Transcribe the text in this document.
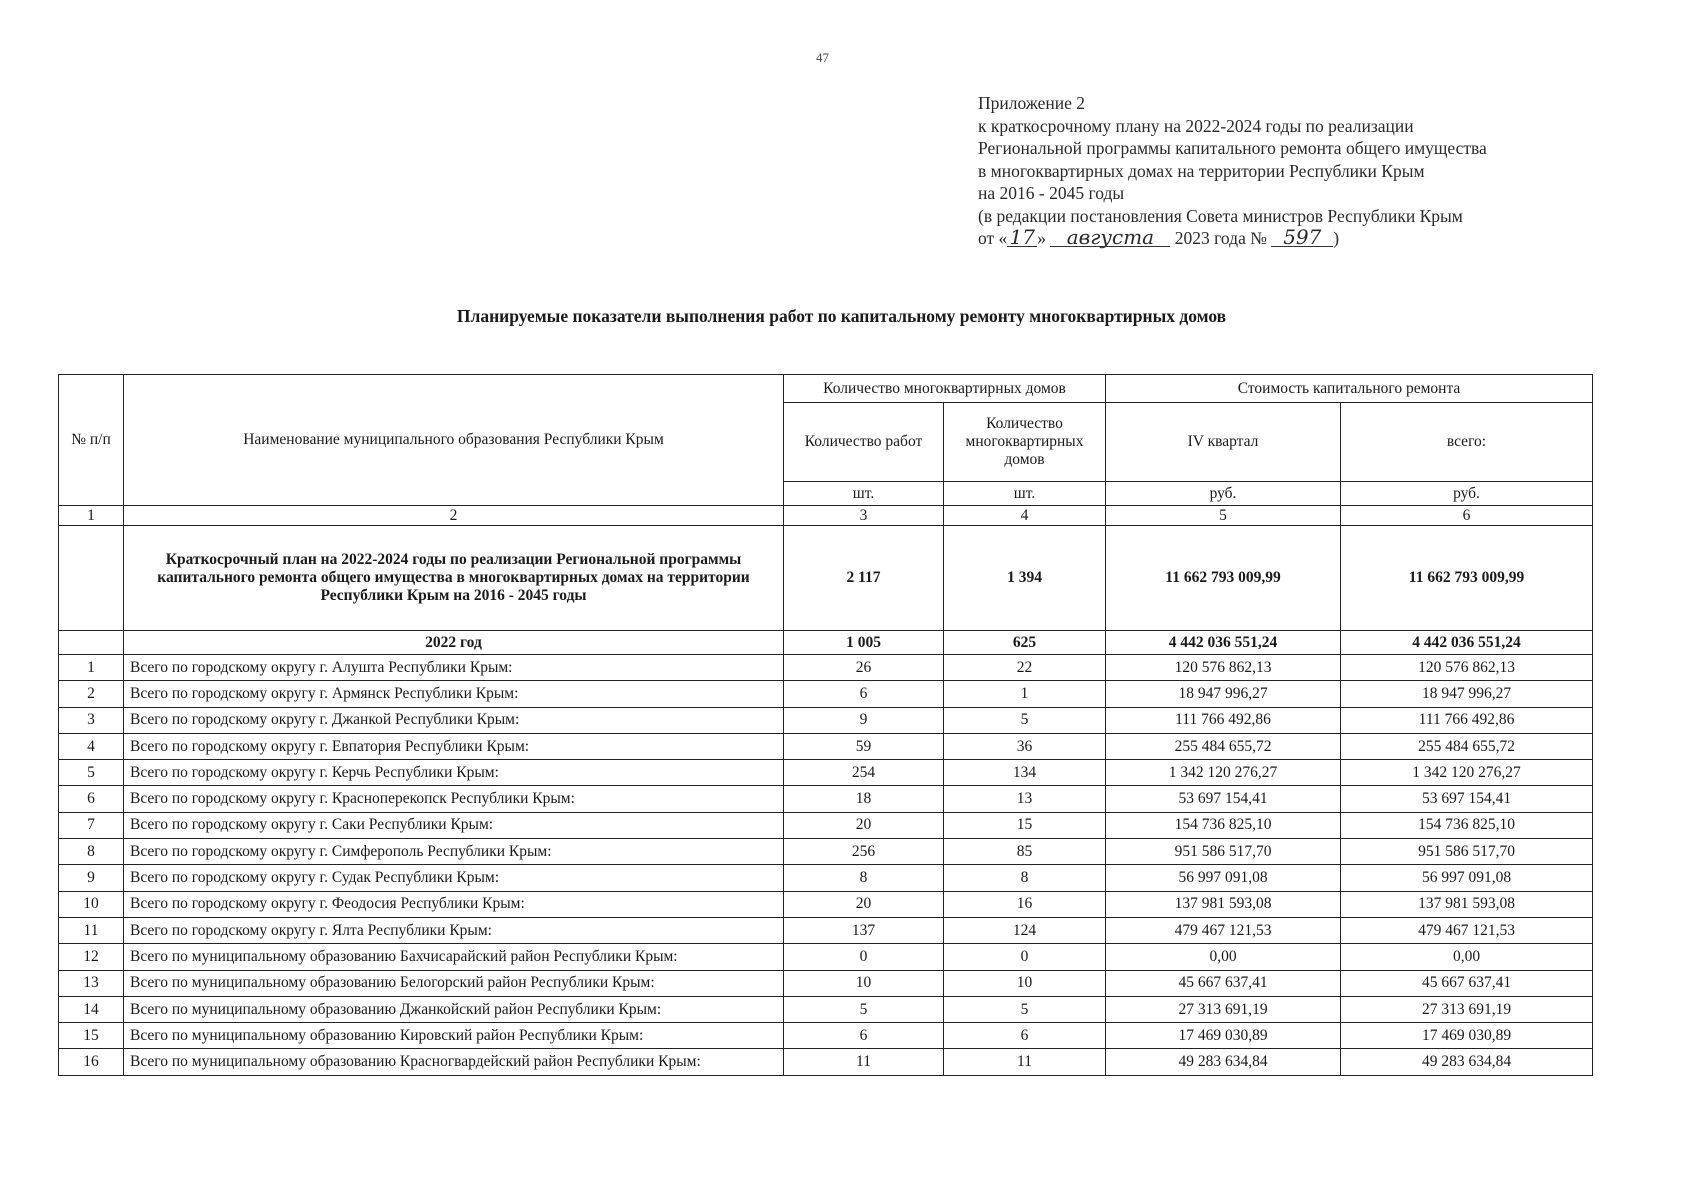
47
Приложение 2
к краткосрочному плану на 2022-2024 годы по реализации
Региональной программы капитального ремонта общего имущества
в многоквартирных домах на территории Республики Крым
на 2016 - 2045 годы
(в редакции постановления Совета министров Республики Крым
от « 17 » августа 2023 года № 597 )
Планируемые показатели выполнения работ по капитальному ремонту многоквартирных домов
№ п/п	Наименование муниципального образования Республики Крым	Количество многоквартирных домов		Стоимость капитального ремонта	
		Количество работ	Количество многоквартирных домов	IV квартал	всего:
		шт.	шт.	руб.	руб.
1	2	3	4	5	6
	Краткосрочный план на 2022-2024 годы по реализации Региональной программы капитального ремонта общего имущества в многоквартирных домах на территории Республики Крым на 2016 - 2045 годы	2 117	1 394	11 662 793 009,99	11 662 793 009,99
	2022 год	1 005	625	4 442 036 551,24	4 442 036 551,24
1	Всего по городскому округу г. Алушта Республики Крым:	26	22	120 576 862,13	120 576 862,13
2	Всего по городскому округу г. Армянск Республики Крым:	6	1	18 947 996,27	18 947 996,27
3	Всего по городскому округу г. Джанкой Республики Крым:	9	5	111 766 492,86	111 766 492,86
4	Всего по городскому округу г. Евпатория Республики Крым:	59	36	255 484 655,72	255 484 655,72
5	Всего по городскому округу г. Керчь Республики Крым:	254	134	1 342 120 276,27	1 342 120 276,27
6	Всего по городскому округу г. Красноперекопск Республики Крым:	18	13	53 697 154,41	53 697 154,41
7	Всего по городскому округу г. Саки Республики Крым:	20	15	154 736 825,10	154 736 825,10
8	Всего по городскому округу г. Симферополь Республики Крым:	256	85	951 586 517,70	951 586 517,70
9	Всего по городскому округу г. Судак Республики Крым:	8	8	56 997 091,08	56 997 091,08
10	Всего по городскому округу г. Феодосия Республики Крым:	20	16	137 981 593,08	137 981 593,08
11	Всего по городскому округу г. Ялта Республики Крым:	137	124	479 467 121,53	479 467 121,53
12	Всего по муниципальному образованию Бахчисарайский район Республики Крым:	0	0	0,00	0,00
13	Всего по муниципальному образованию Белогорский район Республики Крым:	10	10	45 667 637,41	45 667 637,41
14	Всего по муниципальному образованию Джанкойский район Республики Крым:	5	5	27 313 691,19	27 313 691,19
15	Всего по муниципальному образованию Кировский район Республики Крым:	6	6	17 469 030,89	17 469 030,89
16	Всего по муниципальному образованию Красногвардейский район Республики Крым:	11	11	49 283 634,84	49 283 634,84
